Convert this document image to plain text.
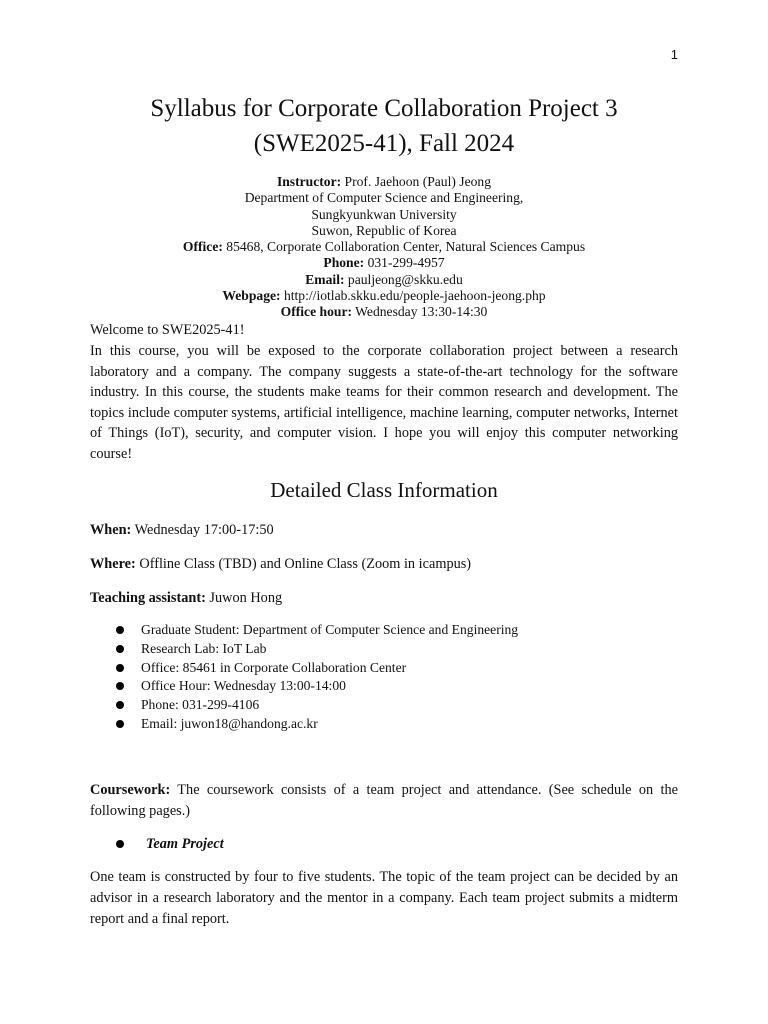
1
Syllabus for Corporate Collaboration Project 3
(SWE2025-41), Fall 2024
Instructor: Prof. Jaehoon (Paul) Jeong
Department of Computer Science and Engineering,
Sungkyunkwan University
Suwon, Republic of Korea
Office: 85468, Corporate Collaboration Center, Natural Sciences Campus
Phone: 031-299-4957
Email: pauljeong@skku.edu
Webpage: http://iotlab.skku.edu/people-jaehoon-jeong.php
Office hour: Wednesday 13:30-14:30
Welcome to SWE2025-41!
In this course, you will be exposed to the corporate collaboration project between a research laboratory and a company. The company suggests a state-of-the-art technology for the software industry. In this course, the students make teams for their common research and development. The topics include computer systems, artificial intelligence, machine learning, computer networks, Internet of Things (IoT), security, and computer vision. I hope you will enjoy this computer networking course!
Detailed Class Information
When: Wednesday 17:00-17:50
Where: Offline Class (TBD) and Online Class (Zoom in icampus)
Teaching assistant: Juwon Hong
Graduate Student: Department of Computer Science and Engineering
Research Lab: IoT Lab
Office: 85461 in Corporate Collaboration Center
Office Hour: Wednesday 13:00-14:00
Phone: 031-299-4106
Email: juwon18@handong.ac.kr
Coursework: The coursework consists of a team project and attendance. (See schedule on the following pages.)
Team Project
One team is constructed by four to five students. The topic of the team project can be decided by an advisor in a research laboratory and the mentor in a company. Each team project submits a midterm report and a final report.
